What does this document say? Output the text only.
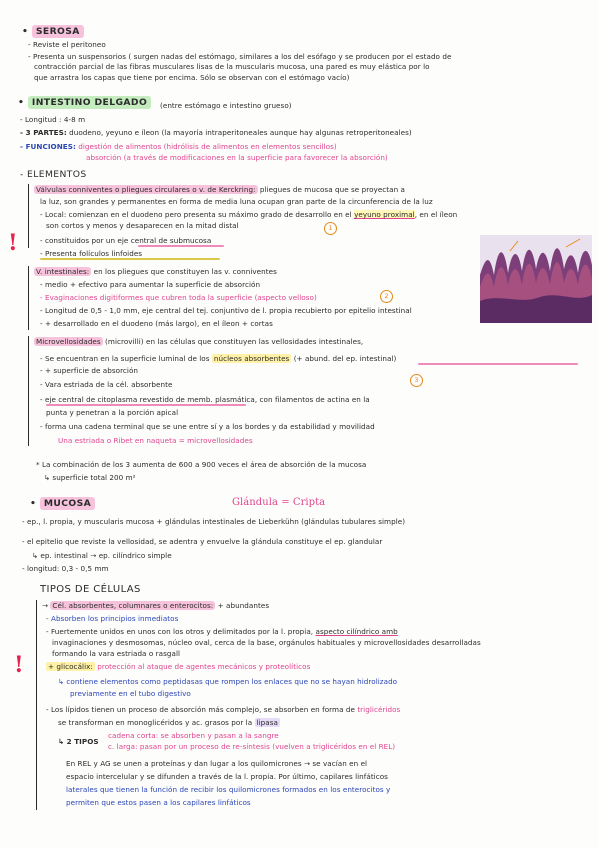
• SEROSA
- Reviste el peritoneo
- Presenta un suspensorios ( surgen nadas del estómago, similares a los del esófago y se producen por el estado de
contracción parcial de las fibras musculares lisas de la muscularis mucosa, una pared es muy elástica por lo
que arrastra los capas que tiene por encima. Sólo se observan con el estómago vacío)
• INTESTINO DELGADO	(entre estómago e intestino grueso)
- Longitud : 4-8 m
- 3 PARTES: duodeno, yeyuno e íleon (la mayoría intraperitoneales aunque hay algunas retroperitoneales)
- FUNCIONES: digestión de alimentos (hidrólisis de alimentos en elementos sencillos)
absorción (a través de modificaciones en la superficie para favorecer la absorción)
- ELEMENTOS
Válvulas conniventes o pliegues circulares o v. de Kerckring: pliegues de mucosa que se proyectan a
la luz, son grandes y permanentes en forma de media luna ocupan gran parte de la circunferencia de la luz
- Local: comienzan en el duodeno pero presenta su máximo grado de desarrollo en el yeyuno proximal, en el íleon
son cortos y menos y desaparecen en la mitad distal	1
- constituidos por un eje central de submucosa
- Presenta folículos linfoides
!
V. intestinales: en los pliegues que constituyen las v. conniventes
- medio + efectivo para aumentar la superficie de absorción
2
- Evaginaciones digitiformes que cubren toda la superficie (aspecto velloso)
- Longitud de 0,5 - 1,0 mm, eje central del tej. conjuntivo de l. propia recubierto por epitelio intestinal
- + desarrollado en el duodeno (más largo), en el íleon + cortas
Microvellosidades (microvilli) en las células que constituyen las vellosidades intestinales,
- Se encuentran en la superficie luminal de los núcleos absorbentes (+ abund. del ep. intestinal)
3
- + superficie de absorción
- Vara estriada de la cél. absorbente
- eje central de citoplasma revestido de memb. plasmática, con filamentos de actina en la
punta y penetran a la porción apical
- forma una cadena terminal que se une entre sí y a los bordes y da estabilidad y movilidad
Una estriada o Ribet en naqueta = microvellosidades
* La combinación de los 3 aumenta de 600 a 900 veces el área de absorción de la mucosa
↳ superficie total 200 m²
• MUCOSA	Glándula = Cripta
- ep., l. propia, y muscularis mucosa + glándulas intestinales de Lieberkühn (glándulas tubulares simple)
- el epitelio que reviste la vellosidad, se adentra y envuelve la glándula constituye el ep. glandular
↳ ep. intestinal → ep. cilíndrico simple
- longitud: 0,3 - 0,5 mm
TIPOS DE CÉLULAS
→ Cél. absorbentes, columnares o enterocitos: + abundantes
- Absorben los principios inmediatos
- Fuertemente unidos en unos con los otros y delimitados por la l. propia, aspecto cilíndrico amb
invaginaciones y desmosomas, núcleo oval, cerca de la base, orgánulos habituales y microvellosidades desarrolladas
formando la vara estriada o rasgall
!	+ glicocálix: protección al ataque de agentes mecánicos y proteolíticos
↳ contiene elementos como peptidasas que rompen los enlaces que no se hayan hidrolizado
previamente en el tubo digestivo
- Los lípidos tienen un proceso de absorción más complejo, se absorben en forma de triglicéridos
se transforman en monoglicéridos y ac. grasos por la lipasa
↳ 2 TIPOS
cadena corta: se absorben y pasan a la sangre
c. larga: pasan por un proceso de re-síntesis (vuelven a triglicéridos en el REL)
En REL y AG se unen a proteínas y dan lugar a los quilomicrones → se vacían en el
espacio intercelular y se difunden a través de la l. propia. Por último, capilares linfáticos
laterales que tienen la función de recibir los quilomicrones formados en los enterocitos y
permiten que estos pasen a los capilares linfáticos
